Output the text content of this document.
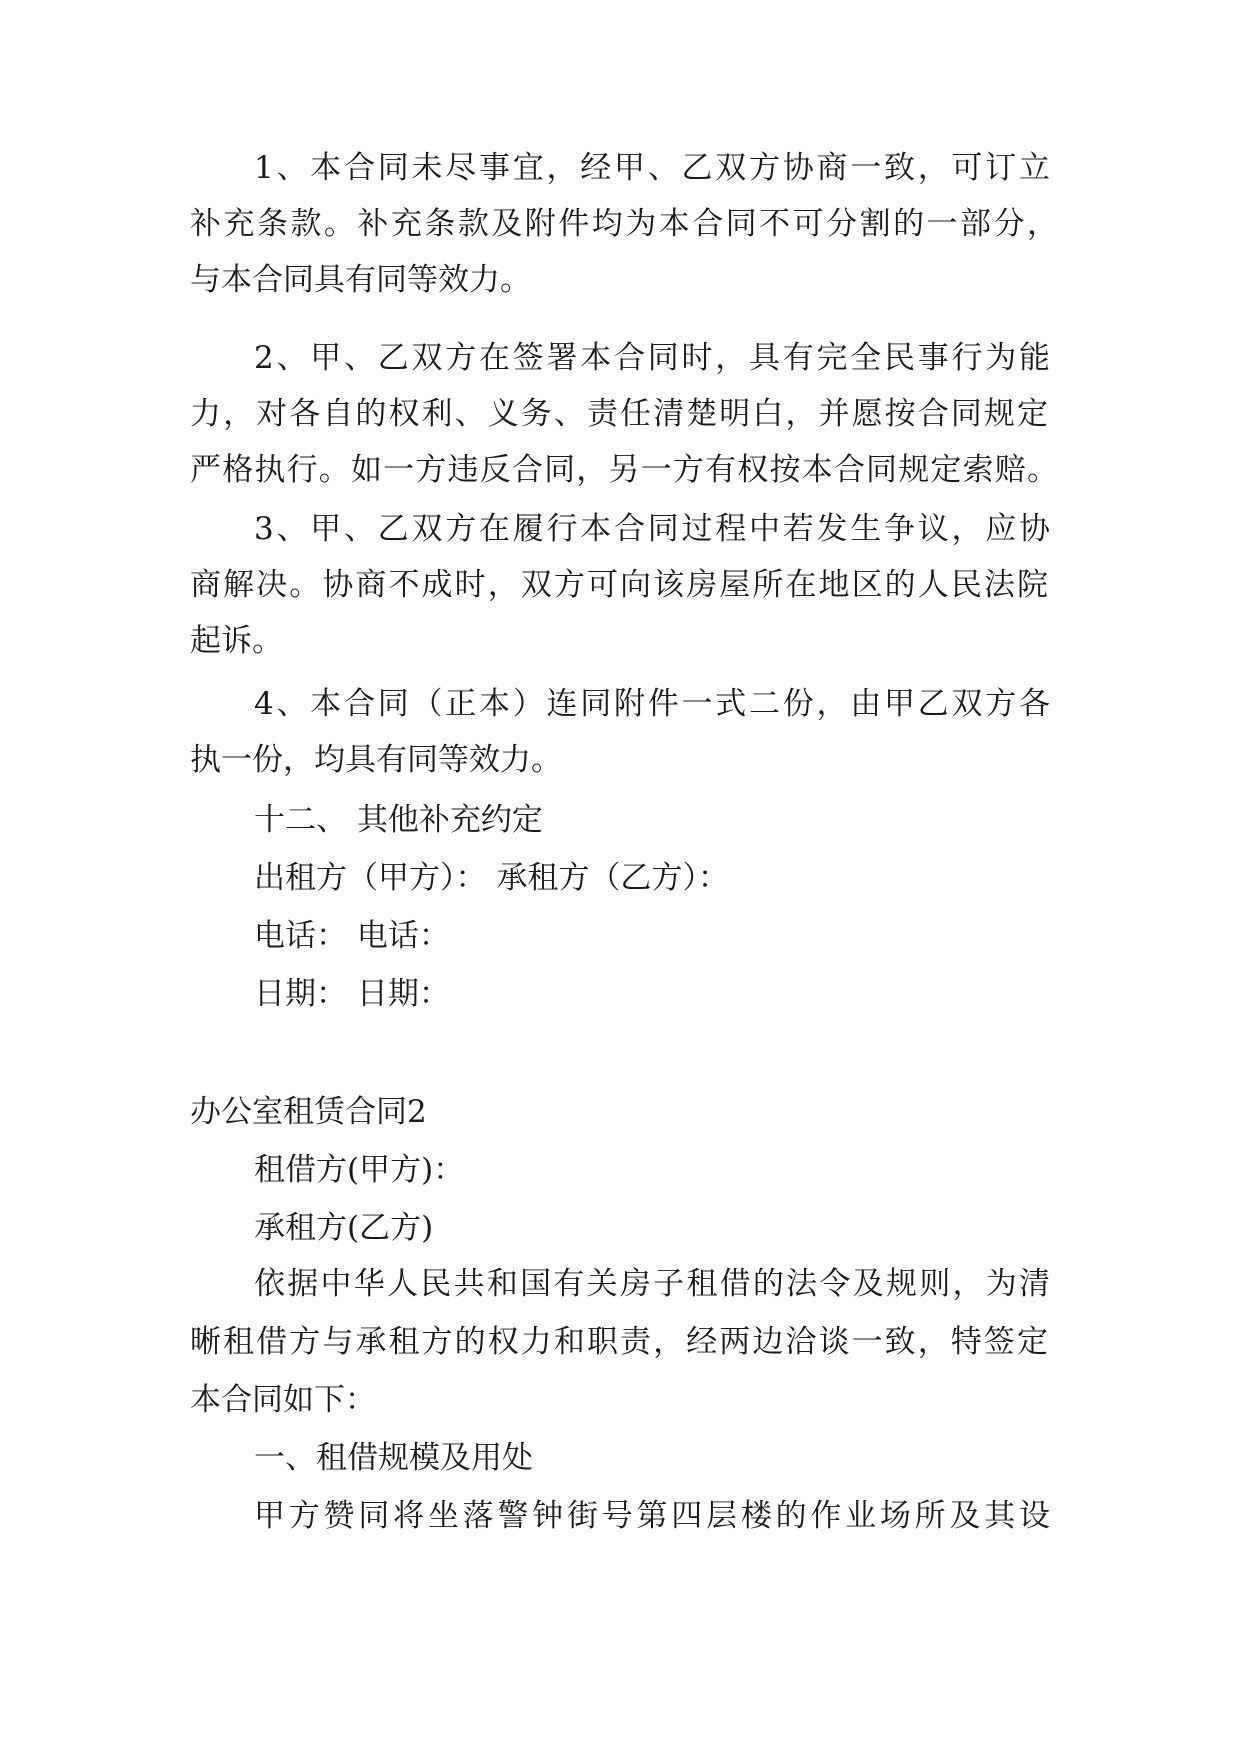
1、本合同未尽事宜，经甲、乙双方协商一致，可订立
补充条款。补充条款及附件均为本合同不可分割的一部分，
与本合同具有同等效力。
2、甲、乙双方在签署本合同时，具有完全民事行为能
力，对各自的权利、义务、责任清楚明白，并愿按合同规定
严格执行。如一方违反合同，另一方有权按本合同规定索赔。
3、甲、乙双方在履行本合同过程中若发生争议，应协
商解决。协商不成时，双方可向该房屋所在地区的人民法院
起诉。
4、本合同（正本）连同附件一式二份，由甲乙双方各
执一份，均具有同等效力。
十二、 其他补充约定
出租方（甲方）： 承租方（乙方）：
电话： 电话：
日期： 日期：
办公室租赁合同2
租借方(甲方)：
承租方(乙方)
依据中华人民共和国有关房子租借的法令及规则，为清
晰租借方与承租方的权力和职责，经两边洽谈一致，特签定
本合同如下：
一、租借规模及用处
甲方赞同将坐落警钟街号第四层楼的作业场所及其设
